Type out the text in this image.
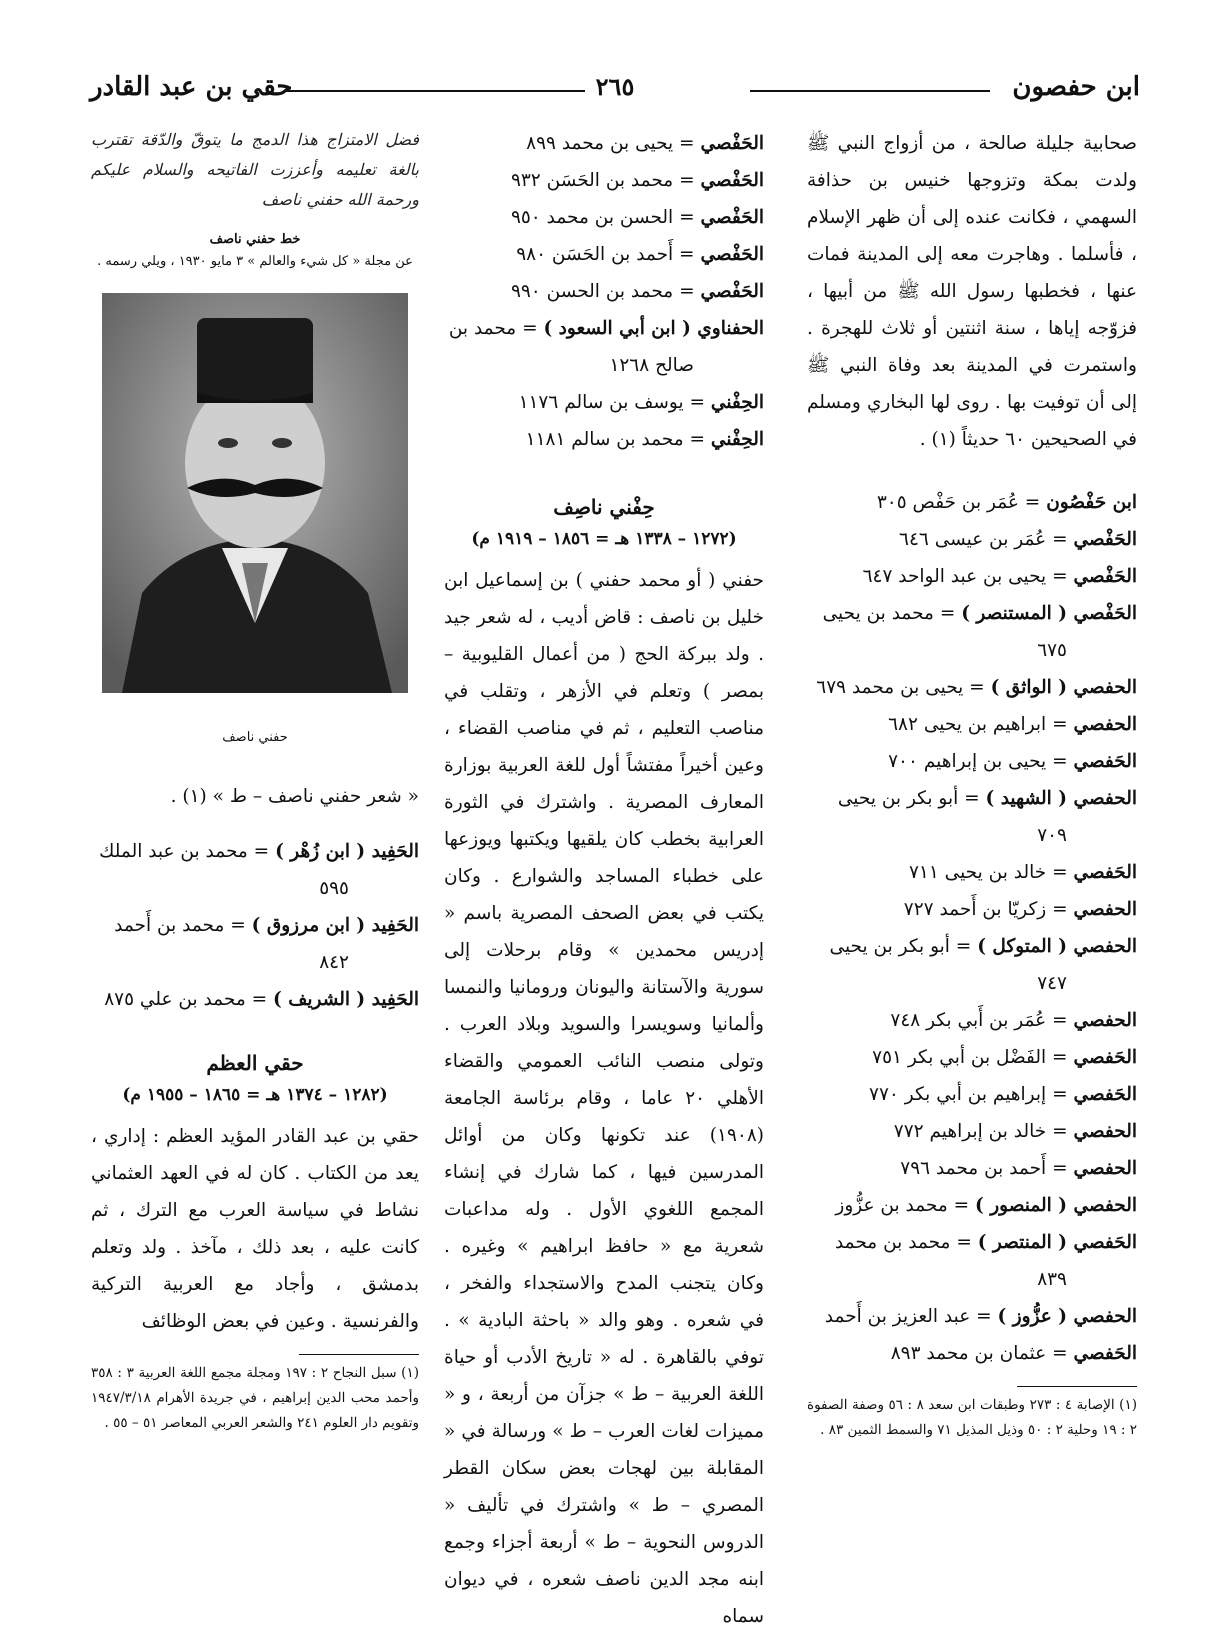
ابن حفصون
٢٦٥
حقي بن عبد القادر

صحابية جليلة صالحة ، من أزواج النبي ﷺ ولدت بمكة وتزوجها خنيس بن حذافة السهمي ، فكانت عنده إلى أن ظهر الإسلام ، فأسلما . وهاجرت معه إلى المدينة فمات عنها ، فخطبها رسول الله ﷺ من أبيها ، فزوّجه إياها ، سنة اثنتين أو ثلاث للهجرة . واستمرت في المدينة بعد وفاة النبي ﷺ إلى أن توفيت بها . روى لها البخاري ومسلم في الصحيحين ٦٠ حديثاً (١) .

ابن حَفْصُون = عُمَر بن حَفْص ٣٠٥

الحَفْصي = عُمَر بن عيسى ٦٤٦

الحَفْصي = يحيى بن عبد الواحد ٦٤٧

الحَفْصي ( المستنصر ) = محمد بن يحيى

٦٧٥

الحفصي ( الواثق ) = يحيى بن محمد ٦٧٩

الحفصي = ابراهيم بن يحيى ٦٨٢

الحَفصي = يحيى بن إبراهيم ٧٠٠

الحفصي ( الشهيد ) = أبو بكر بن يحيى

٧٠٩

الحَفصي = خالد بن يحيى ٧١١

الحفصي = زكريّا بن أَحمد ٧٢٧

الحفصي ( المتوكل ) = أبو بكر بن يحيى

٧٤٧

الحفصي = عُمَر بن أَبي بكر ٧٤٨

الحَفصي = الفَضْل بن أبي بكر ٧٥١

الحَفصي = إبراهيم بن أبي بكر ٧٧٠

الحفصي = خالد بن إبراهيم ٧٧٢

الحفصي = أَحمد بن محمد ٧٩٦

الحفصي ( المنصور ) = محمد بن عزُّوز

الحَفصي ( المنتصر ) = محمد بن محمد

٨٣٩

الحفصي ( عزُّوز ) = عبد العزيز بن أَحمد

الحَفصي = عثمان بن محمد ٨٩٣

(١) الإصابة ٤ : ٢٧٣ وطبقات ابن سعد ٨ : ٥٦ وصفة الصفوة ٢ : ١٩ وحلية ٢ : ٥٠ وذيل المذيل ٧١ والسمط الثمين ٨٣ .

الحَفْصي = يحيى بن محمد ٨٩٩

الحَفْصي = محمد بن الحَسَن ٩٣٢

الحَفْصي = الحسن بن محمد ٩٥٠

الحَفْصي = أَحمد بن الحَسَن ٩٨٠

الحَفْصي = محمد بن الحسن ٩٩٠

الحفناوي ( ابن أبي السعود ) = محمد بن

صالح ١٢٦٨

الحِفْني = يوسف بن سالم ١١٧٦

الحِفْني = محمد بن سالم ١١٨١

حِفْني ناصِف
(١٢٧٢ – ١٣٣٨ هـ = ١٨٥٦ – ١٩١٩ م)

حفني ( أو محمد حفني ) بن إسماعيل ابن خليل بن ناصف : قاض أديب ، له شعر جيد . ولد ببركة الحج ( من أعمال القليوبية – بمصر ) وتعلم في الأزهر ، وتقلب في مناصب التعليم ، ثم في مناصب القضاء ، وعين أخيراً مفتشاً أول للغة العربية بوزارة المعارف المصرية . واشترك في الثورة العرابية بخطب كان يلقيها ويكتبها ويوزعها على خطباء المساجد والشوارع . وكان يكتب في بعض الصحف المصرية باسم « إدريس محمدين » وقام برحلات إلى سورية والآستانة واليونان ورومانيا والنمسا وألمانيا وسويسرا والسويد وبلاد العرب . وتولى منصب النائب العمومي والقضاء الأهلي ٢٠ عاما ، وقام برئاسة الجامعة (١٩٠٨) عند تكونها وكان من أوائل المدرسين فيها ، كما شارك في إنشاء المجمع اللغوي الأول . وله مداعبات شعرية مع « حافظ ابراهيم » وغيره . وكان يتجنب المدح والاستجداء والفخر ، في شعره . وهو والد « باحثة البادية » . توفي بالقاهرة . له « تاريخ الأدب أو حياة اللغة العربية – ط » جزآن من أربعة ، و « مميزات لغات العرب – ط » ورسالة في « المقابلة بين لهجات بعض سكان القطر المصري – ط » واشترك في تأليف « الدروس النحوية – ط » أربعة أجزاء وجمع ابنه مجد الدين ناصف شعره ، في ديوان سماه

فضل الامتزاج هذا الدمج ما يتوقّ والدّقة تقترب بالغة تعليمه وأعززت الفاتيحه والسلام عليكم ورحمة الله حفني ناصف

خط حفني ناصف
عن مجلة « كل شيء والعالم » ٣ مايو ١٩٣٠ ، ويلي رسمه .
حفني ناصف

« شعر حفني ناصف – ط » (١) .

الحَفِيد ( ابن زُهْر ) = محمد بن عبد الملك

٥٩٥

الحَفِيد ( ابن مرزوق ) = محمد بن أَحمد

٨٤٢

الحَفِيد ( الشريف ) = محمد بن علي ٨٧٥

حقي العظم
(١٢٨٢ – ١٣٧٤ هـ = ١٨٦٥ – ١٩٥٥ م)

حقي بن عبد القادر المؤيد العظم : إداري ، يعد من الكتاب . كان له في العهد العثماني نشاط في سياسة العرب مع الترك ، ثم كانت عليه ، بعد ذلك ، مآخذ . ولد وتعلم بدمشق ، وأجاد مع العربية التركية والفرنسية . وعين في بعض الوظائف

(١) سبل النجاح ٢ : ١٩٧ ومجلة مجمع اللغة العربية ٣ : ٣٥٨ وأحمد محب الدين إبراهيم ، في جريدة الأهرام ١٩٤٧/٣/١٨ وتقويم دار العلوم ٢٤١ والشعر العربي المعاصر ٥١ – ٥٥ .
